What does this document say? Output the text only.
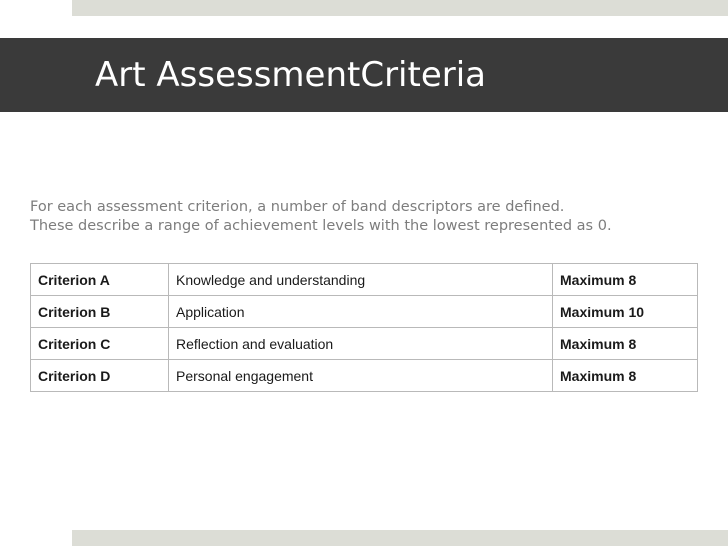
Art AssessmentCriteria

For each assessment criterion, a number of band descriptors are defined.
These describe a range of achievement levels with the lowest represented as 0.

Criterion A	Knowledge and understanding	Maximum 8
Criterion B	Application	Maximum 10
Criterion C	Reflection and evaluation	Maximum 8
Criterion D	Personal engagement	Maximum 8
